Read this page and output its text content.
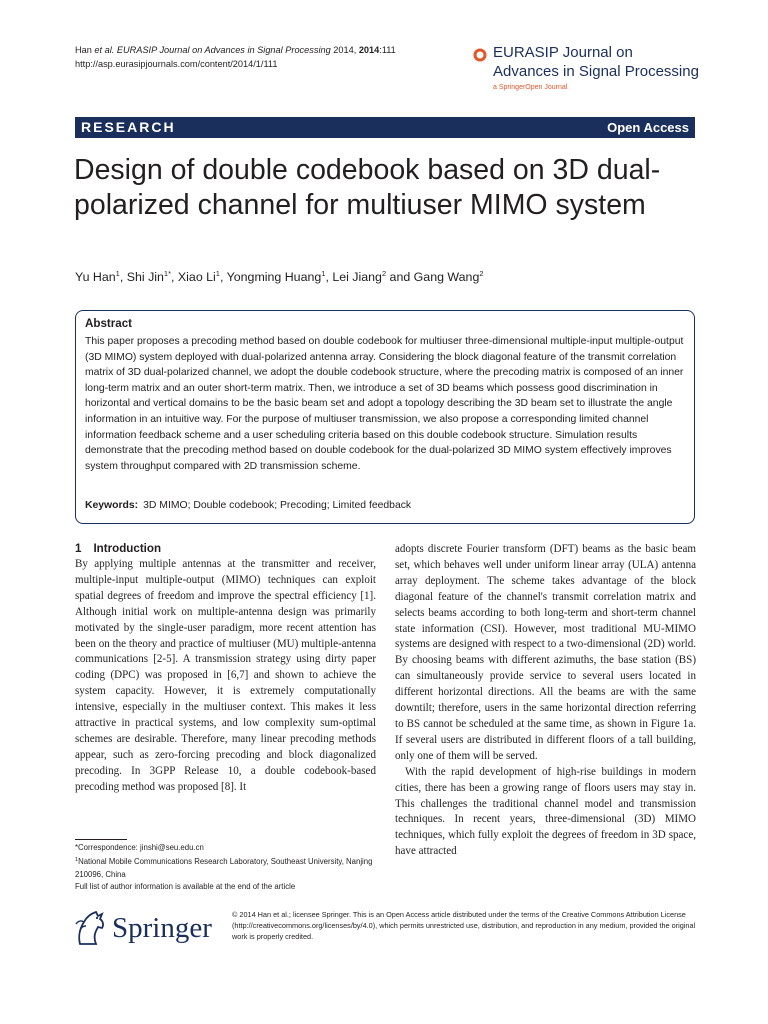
Han et al. EURASIP Journal on Advances in Signal Processing 2014, 2014:111
http://asp.eurasipjournals.com/content/2014/1/111
EURASIP Journal on
Advances in Signal Processing
a SpringerOpen Journal
RESEARCH	Open Access
Design of double codebook based on 3D dual-polarized channel for multiuser MIMO system
Yu Han$^1$, Shi Jin$^{1*}$, Xiao Li$^1$, Yongming Huang$^1$, Lei Jiang$^2$ and Gang Wang$^2$
Abstract
This paper proposes a precoding method based on double codebook for multiuser three-dimensional multiple-input multiple-output (3D MIMO) system deployed with dual-polarized antenna array. Considering the block diagonal feature of the transmit correlation matrix of 3D dual-polarized channel, we adopt the double codebook structure, where the precoding matrix is composed of an inner long-term matrix and an outer short-term matrix. Then, we introduce a set of 3D beams which possess good discrimination in horizontal and vertical domains to be the basic beam set and adopt a topology describing the 3D beam set to illustrate the angle information in an intuitive way. For the purpose of multiuser transmission, we also propose a corresponding limited channel information feedback scheme and a user scheduling criteria based on this double codebook structure. Simulation results demonstrate that the precoding method based on double codebook for the dual-polarized 3D MIMO system effectively improves system throughput compared with 2D transmission scheme.
Keywords: 3D MIMO; Double codebook; Precoding; Limited feedback
1 Introduction

By applying multiple antennas at the transmitter and receiver, multiple-input multiple-output (MIMO) techniques can exploit spatial degrees of freedom and improve the spectral efficiency [1]. Although initial work on multiple-antenna design was primarily motivated by the single-user paradigm, more recent attention has been on the theory and practice of multiuser (MU) multiple-antenna communications [2-5]. A transmission strategy using dirty paper coding (DPC) was proposed in [6,7] and shown to achieve the system capacity. However, it is extremely computationally intensive, especially in the multiuser context. This makes it less attractive in practical systems, and low complexity sum-optimal schemes are desirable. Therefore, many linear precoding methods appear, such as zero-forcing precoding and block diagonalized precoding. In 3GPP Release 10, a double codebook-based precoding method was proposed [8]. It

adopts discrete Fourier transform (DFT) beams as the basic beam set, which behaves well under uniform linear array (ULA) antenna array deployment. The scheme takes advantage of the block diagonal feature of the channel's transmit correlation matrix and selects beams according to both long-term and short-term channel state information (CSI). However, most traditional MU-MIMO systems are designed with respect to a two-dimensional (2D) world. By choosing beams with different azimuths, the base station (BS) can simultaneously provide service to several users located in different horizontal directions. All the beams are with the same downtilt; therefore, users in the same horizontal direction referring to BS cannot be scheduled at the same time, as shown in Figure 1a. If several users are distributed in different floors of a tall building, only one of them will be served.

With the rapid development of high-rise buildings in modern cities, there has been a growing range of floors users may stay in. This challenges the traditional channel model and transmission techniques. In recent years, three-dimensional (3D) MIMO techniques, which fully exploit the degrees of freedom in 3D space, have attracted

*Correspondence: jinshi@seu.edu.cn
$^1$National Mobile Communications Research Laboratory, Southeast University, Nanjing 210096, China
Full list of author information is available at the end of the article
Springer	© 2014 Han et al.; licensee Springer. This is an Open Access article distributed under the terms of the Creative Commons Attribution License (http://creativecommons.org/licenses/by/4.0), which permits unrestricted use, distribution, and reproduction in any medium, provided the original work is properly credited.
